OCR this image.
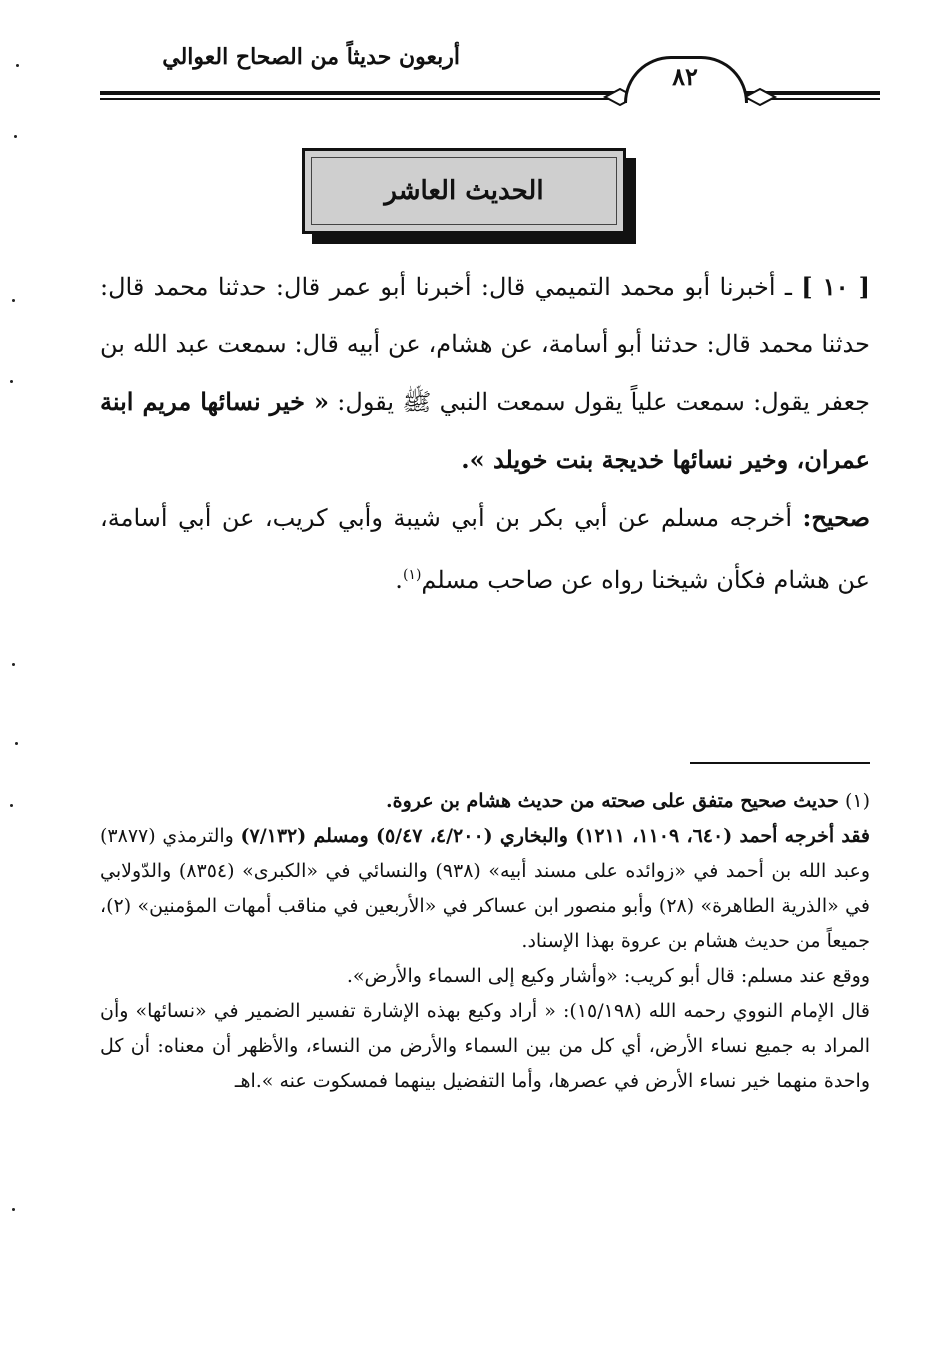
أربعون حديثاً من الصحاح العوالي
٨٢
الحديث العاشر

[ ١٠ ] ـ أخبرنا أبو محمد التميمي قال: أخبرنا أبو عمر قال: حدثنا محمد قال: حدثنا محمد قال: حدثنا أبو أسامة، عن هشام، عن أبيه قال: سمعت عبد الله بن جعفر يقول: سمعت علياً يقول سمعت النبي ﷺ يقول: « خير نسائها مريم ابنة عمران، وخير نسائها خديجة بنت خويلد ».

صحيح: أخرجه مسلم عن أبي بكر بن أبي شيبة وأبي كريب، عن أبي أسامة، عن هشام فكأن شيخنا رواه عن صاحب مسلم$^{(١)}$.

(١) حديث صحيح متفق على صحته من حديث هشام بن عروة.

فقد أخرجه أحمد (٦٤٠، ١١٠٩، ١٢١١) والبخاري (٤/٢٠٠، ٥/٤٧) ومسلم (٧/١٣٢) والترمذي (٣٨٧٧) وعبد الله بن أحمد في «زوائده على مسند أبيه» (٩٣٨) والنسائي في «الكبرى» (٨٣٥٤) والدّولابي في «الذرية الطاهرة» (٢٨) وأبو منصور ابن عساكر في «الأربعين في مناقب أمهات المؤمنين» (٢)، جميعاً من حديث هشام بن عروة بهذا الإسناد.

ووقع عند مسلم: قال أبو كريب: «وأشار وكيع إلى السماء والأرض».

قال الإمام النووي رحمه الله (١٥/١٩٨): « أراد وكيع بهذه الإشارة تفسير الضمير في «نسائها» وأن المراد به جميع نساء الأرض، أي كل من بين السماء والأرض من النساء، والأظهر أن معناه: أن كل واحدة منهما خير نساء الأرض في عصرها، وأما التفضيل بينهما فمسكوت عنه ».اهـ
